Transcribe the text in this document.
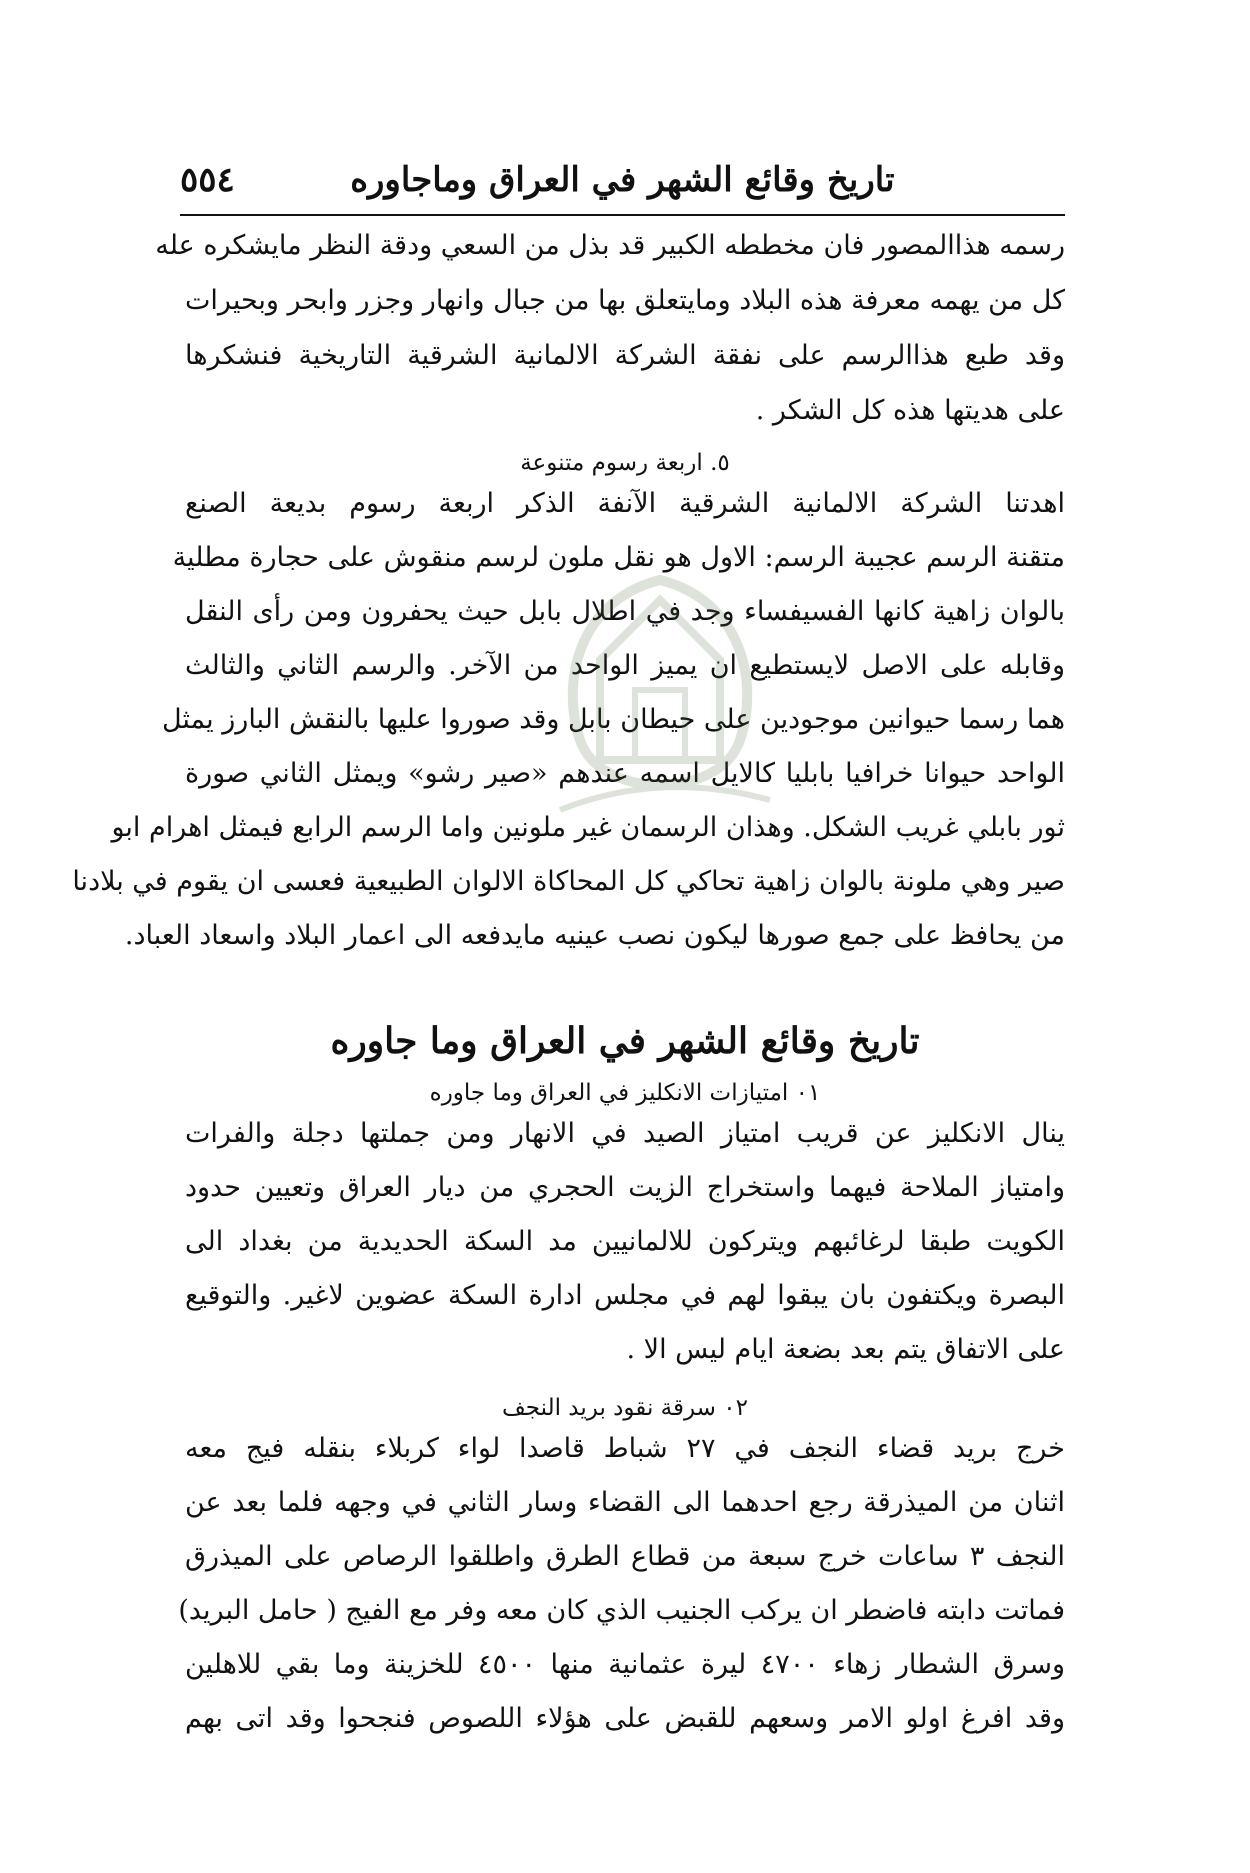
تاريخ وقائع الشهر في العراق وماجاوره
٥٥٤
رسمه هذاالمصور فان مخططه الكبير قد بذل من السعي ودقة النظر مايشكره عله
كل من يهمه معرفة هذه البلاد ومايتعلق بها من جبال وانهار وجزر وابحر وبحيرات
وقد طبع هذاالرسم على نفقة الشركة الالمانية الشرقية التاريخية فنشكرها
على هديتها هذه كل الشكر .
٥. اربعة رسوم متنوعة
اهدتنا الشركة الالمانية الشرقية الآنفة الذكر اربعة رسوم بديعة الصنع
متقنة الرسم عجيبة الرسم: الاول هو نقل ملون لرسم منقوش على حجارة مطلية
بالوان زاهية كانها الفسيفساء وجد في اطلال بابل حيث يحفرون ومن رأى النقل
وقابله على الاصل لايستطيع ان يميز الواحد من الآخر. والرسم الثاني والثالث
هما رسما حيوانين موجودين على حيطان بابل وقد صوروا عليها بالنقش البارز يمثل
الواحد حيوانا خرافيا بابليا كالايل اسمه عندهم «صير رشو» ويمثل الثاني صورة
ثور بابلي غريب الشكل. وهذان الرسمان غير ملونين واما الرسم الرابع فيمثل اهرام ابو
صير وهي ملونة بالوان زاهية تحاكي كل المحاكاة الالوان الطبيعية فعسى ان يقوم في بلادنا
من يحافظ على جمع صورها ليكون نصب عينيه مايدفعه الى اعمار البلاد واسعاد العباد.
تاريخ وقائع الشهر في العراق وما جاوره
٠١ امتيازات الانكليز في العراق وما جاوره
ينال الانكليز عن قريب امتياز الصيد في الانهار ومن جملتها دجلة والفرات
وامتياز الملاحة فيهما واستخراج الزيت الحجري من ديار العراق وتعيين حدود
الكويت طبقا لرغائبهم ويتركون للالمانيين مد السكة الحديدية من بغداد الى
البصرة ويكتفون بان يبقوا لهم في مجلس ادارة السكة عضوين لاغير. والتوقيع
على الاتفاق يتم بعد بضعة ايام ليس الا .
٠٢ سرقة نقود بريد النجف
خرج بريد قضاء النجف في ٢٧ شباط قاصدا لواء كربلاء بنقله فيج معه
اثنان من الميذرقة رجع احدهما الى القضاء وسار الثاني في وجهه فلما بعد عن
النجف ٣ ساعات خرج سبعة من قطاع الطرق واطلقوا الرصاص على الميذرق
فماتت دابته فاضطر ان يركب الجنيب الذي كان معه وفر مع الفيج ( حامل البريد)
وسرق الشطار زهاء ٤٧٠٠ ليرة عثمانية منها ٤٥٠٠ للخزينة وما بقي للاهلين
وقد افرغ اولو الامر وسعهم للقبض على هؤلاء اللصوص فنجحوا وقد اتى بهم
